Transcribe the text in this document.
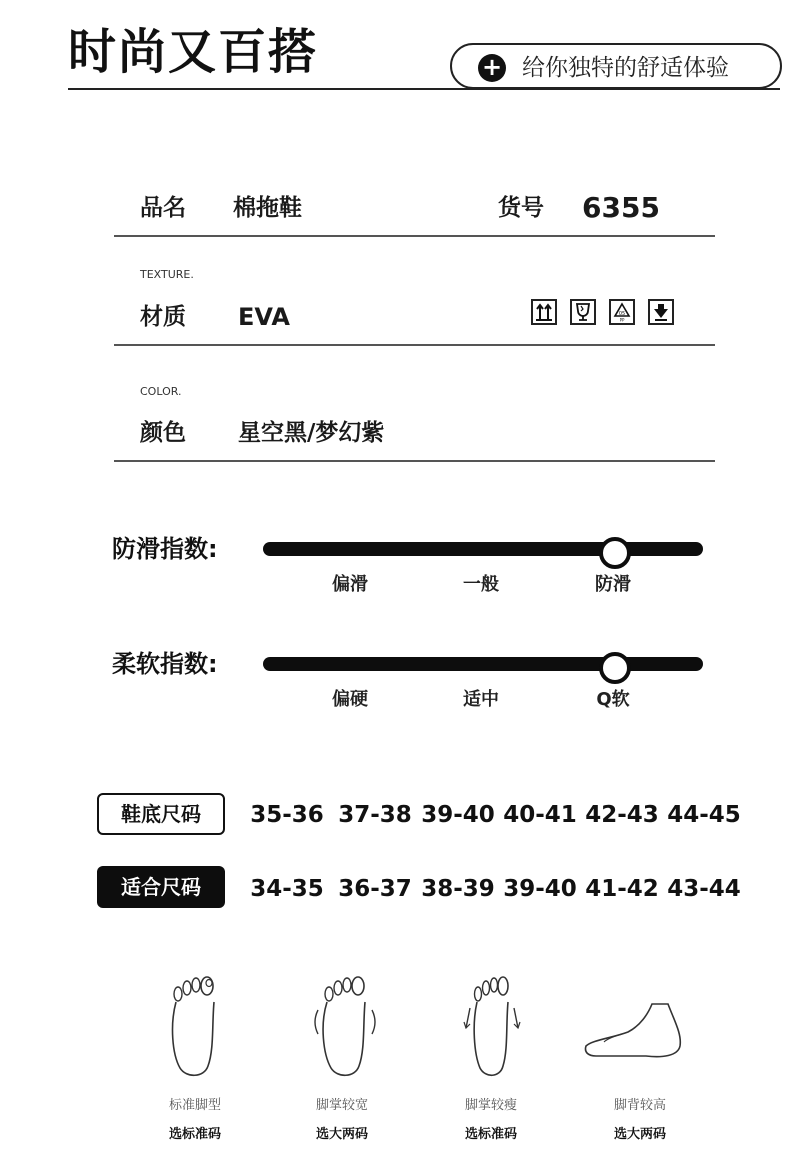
时尚又百搭	+ 给你独特的舒适体验
品名 棉拖鞋	货号 6355
TEXTURE.
材质 EVA	05
PP
COLOR.
颜色 星空黑/梦幻紫
防滑指数:
偏滑	一般	防滑
柔软指数:
偏硬	适中	Q软
鞋底尺码	35-36 37-38 39-40 40-41 42-43 44-45
适合尺码	34-35 36-37 38-39 39-40 41-42 43-44
标准脚型	脚掌较宽	脚掌较瘦	脚背较高
选标准码	选大两码	选标准码	选大两码
